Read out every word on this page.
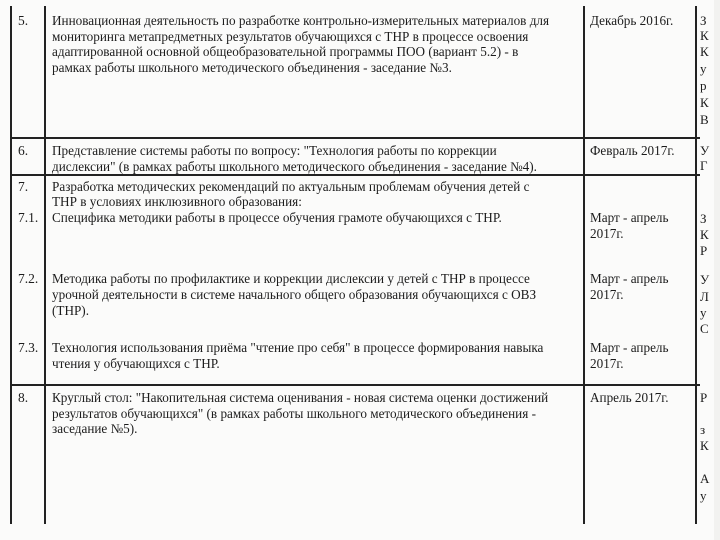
5. Инновационная деятельность по разработке контрольно-измерительных материалов для
мониторинга метапредметных результатов обучающихся с ТНР в процессе освоения
адаптированной основной общеобразовательной программы ПОО (вариант 5.2) - в
рамках работы школьного методического объединения - заседание №3.
Декабрь 2016г. З
К
К
у
р
К
В
6. Представление системы работы по вопросу: "Технология работы по коррекции
дислексии" (в рамках работы школьного методического объединения - заседание №4).
Февраль 2017г. У
Г
7. Разработка методических рекомендаций по актуальным проблемам обучения детей с
ТНР в условиях инклюзивного образования:
7.1. Специфика методики работы в процессе обучения грамоте обучающихся с ТНР.	Март - апрель
2017г.
З
К
Р
7.2. Методика работы по профилактике и коррекции дислексии у детей с ТНР в процессе
урочной деятельности в системе начального общего образования обучающихся с ОВЗ
(ТНР).
Март - апрель
2017г.
У
Л
у
С
7.3. Технология использования приёма "чтение про себя" в процессе формирования навыка
чтения у обучающихся с ТНР.
Март - апрель
2017г.
8. Круглый стол: "Накопительная система оценивания - новая система оценки достижений
результатов обучающихся" (в рамках работы школьного методического объединения -
заседание №5).
Апрель 2017г. Р
з
К
А
у
